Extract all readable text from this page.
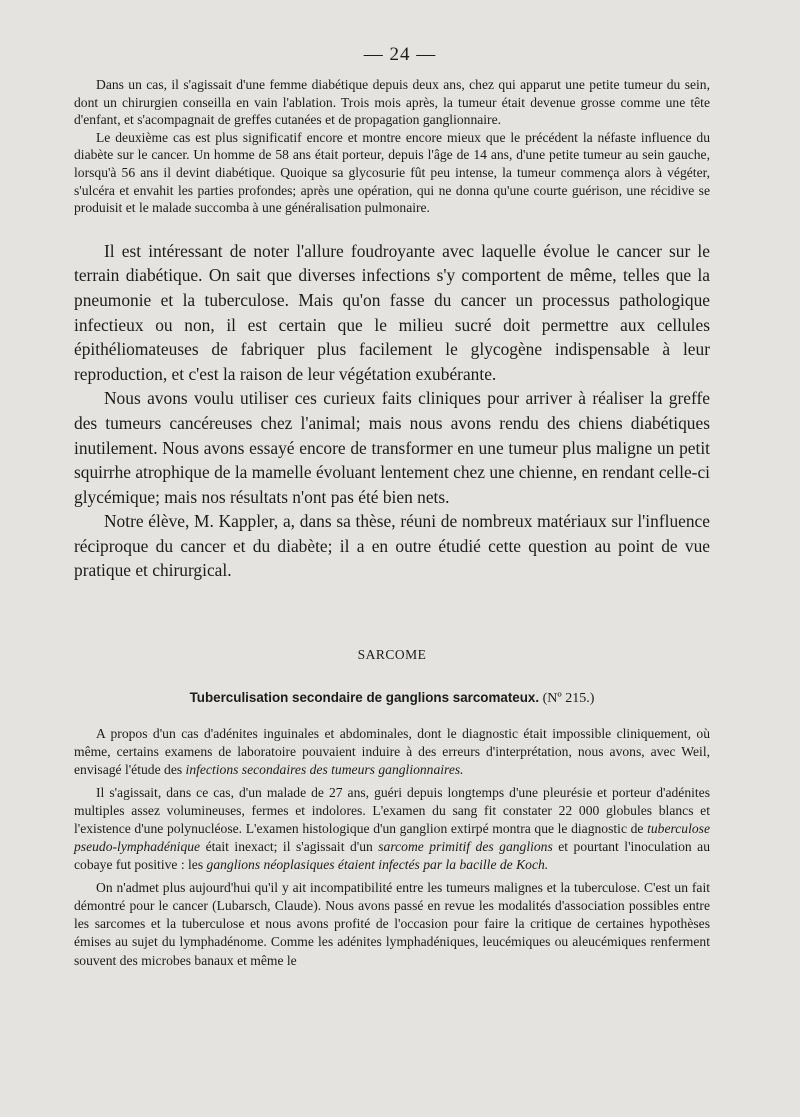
— 24 —

Dans un cas, il s'agissait d'une femme diabétique depuis deux ans, chez qui apparut une petite tumeur du sein, dont un chirurgien conseilla en vain l'ablation. Trois mois après, la tumeur était devenue grosse comme une tête d'enfant, et s'acompagnait de greffes cutanées et de propagation ganglionnaire.

Le deuxième cas est plus significatif encore et montre encore mieux que le précédent la néfaste influence du diabète sur le cancer. Un homme de 58 ans était porteur, depuis l'âge de 14 ans, d'une petite tumeur au sein gauche, lorsqu'à 56 ans il devint diabétique. Quoique sa glycosurie fût peu intense, la tumeur commença alors à végéter, s'ulcéra et envahit les parties profondes; après une opération, qui ne donna qu'une courte guérison, une récidive se produisit et le malade succomba à une généralisation pulmonaire.

Il est intéressant de noter l'allure foudroyante avec laquelle évolue le cancer sur le terrain diabétique. On sait que diverses infections s'y comportent de même, telles que la pneumonie et la tuberculose. Mais qu'on fasse du cancer un processus pathologique infectieux ou non, il est certain que le milieu sucré doit permettre aux cellules épithéliomateuses de fabriquer plus facilement le glycogène indispensable à leur reproduction, et c'est la raison de leur végétation exubérante.

Nous avons voulu utiliser ces curieux faits cliniques pour arriver à réaliser la greffe des tumeurs cancéreuses chez l'animal; mais nous avons rendu des chiens diabétiques inutilement. Nous avons essayé encore de transformer en une tumeur plus maligne un petit squirrhe atrophique de la mamelle évoluant lentement chez une chienne, en rendant celle-ci glycémique; mais nos résultats n'ont pas été bien nets.

Notre élève, M. Kappler, a, dans sa thèse, réuni de nombreux matériaux sur l'influence réciproque du cancer et du diabète; il a en outre étudié cette question au point de vue pratique et chirurgical.

SARCOME
Tuberculisation secondaire de ganglions sarcomateux. (Nº 215.)

A propos d'un cas d'adénites inguinales et abdominales, dont le diagnostic était impossible cliniquement, où même, certains examens de laboratoire pouvaient induire à des erreurs d'interprétation, nous avons, avec Weil, envisagé l'étude des infections secondaires des tumeurs ganglionnaires.

Il s'agissait, dans ce cas, d'un malade de 27 ans, guéri depuis longtemps d'une pleurésie et porteur d'adénites multiples assez volumineuses, fermes et indolores. L'examen du sang fit constater 22 000 globules blancs et l'existence d'une polynucléose. L'examen histologique d'un ganglion extirpé montra que le diagnostic de tuberculose pseudo-lymphadénique était inexact; il s'agissait d'un sarcome primitif des ganglions et pourtant l'inoculation au cobaye fut positive : les ganglions néoplasiques étaient infectés par la bacille de Koch.

On n'admet plus aujourd'hui qu'il y ait incompatibilité entre les tumeurs malignes et la tuberculose. C'est un fait démontré pour le cancer (Lubarsch, Claude). Nous avons passé en revue les modalités d'association possibles entre les sarcomes et la tuberculose et nous avons profité de l'occasion pour faire la critique de certaines hypothèses émises au sujet du lymphadénome. Comme les adénites lymphadéniques, leucémiques ou aleucémiques renferment souvent des microbes banaux et même le
